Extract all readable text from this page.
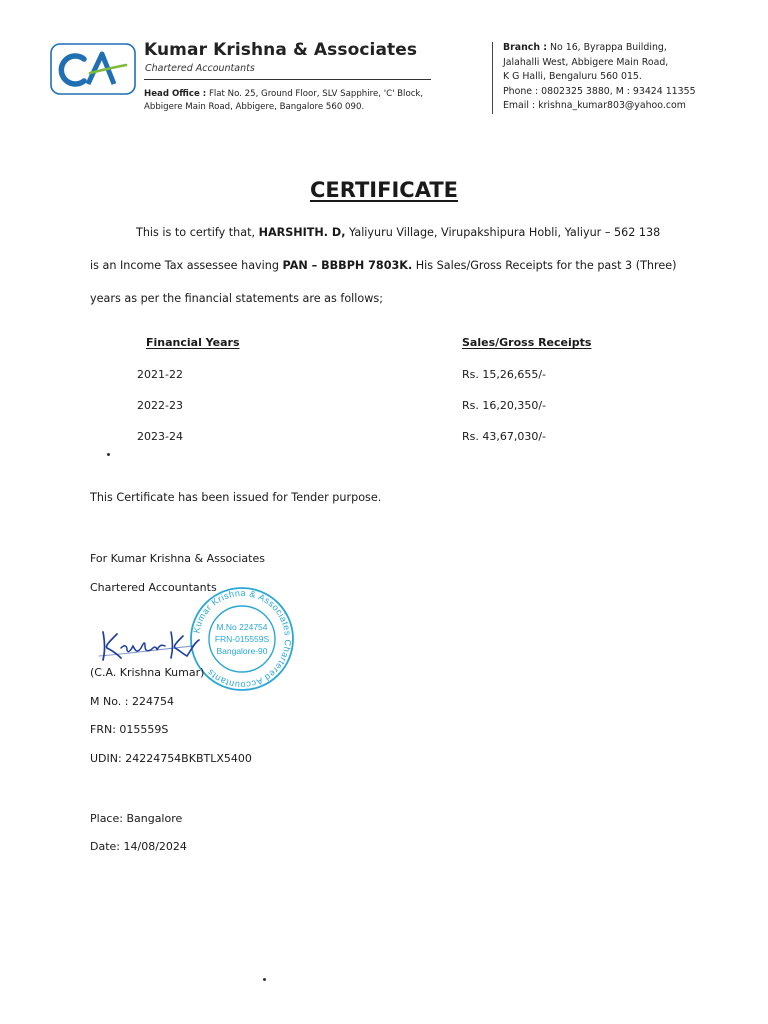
CA	Kumar Krishna & Associates
Chartered Accountants
Head Office : Flat No. 25, Ground Floor, SLV Sapphire, 'C' Block,
Abbigere Main Road, Abbigere, Bangalore 560 090.
Branch : No 16, Byrappa Building,
Jalahalli West, Abbigere Main Road,
K G Halli, Bengaluru 560 015.
Phone : 0802325 3880, M : 93424 11355
Email : krishna_kumar803@yahoo.com
CERTIFICATE
This is to certify that, HARSHITH. D, Yaliyuru Village, Virupakshipura Hobli, Yaliyur – 562 138
is an Income Tax assessee having PAN – BBBPH 7803K. His Sales/Gross Receipts for the past 3 (Three)
years as per the financial statements are as follows;
Financial Years	Sales/Gross Receipts
2021-22	Rs. 15,26,655/-
2022-23	Rs. 16,20,350/-
2023-24	Rs. 43,67,030/-
This Certificate has been issued for Tender purpose.
For Kumar Krishna & Associates
Chartered Accountants
Kumar Krishna & Associates Chartered Accountants
M.No 224754
FRN-015559S
Bangalore-90
(C.A. Krishna Kumar)
M No. : 224754
FRN: 015559S
UDIN: 24224754BKBTLX5400
Place: Bangalore
Date: 14/08/2024
